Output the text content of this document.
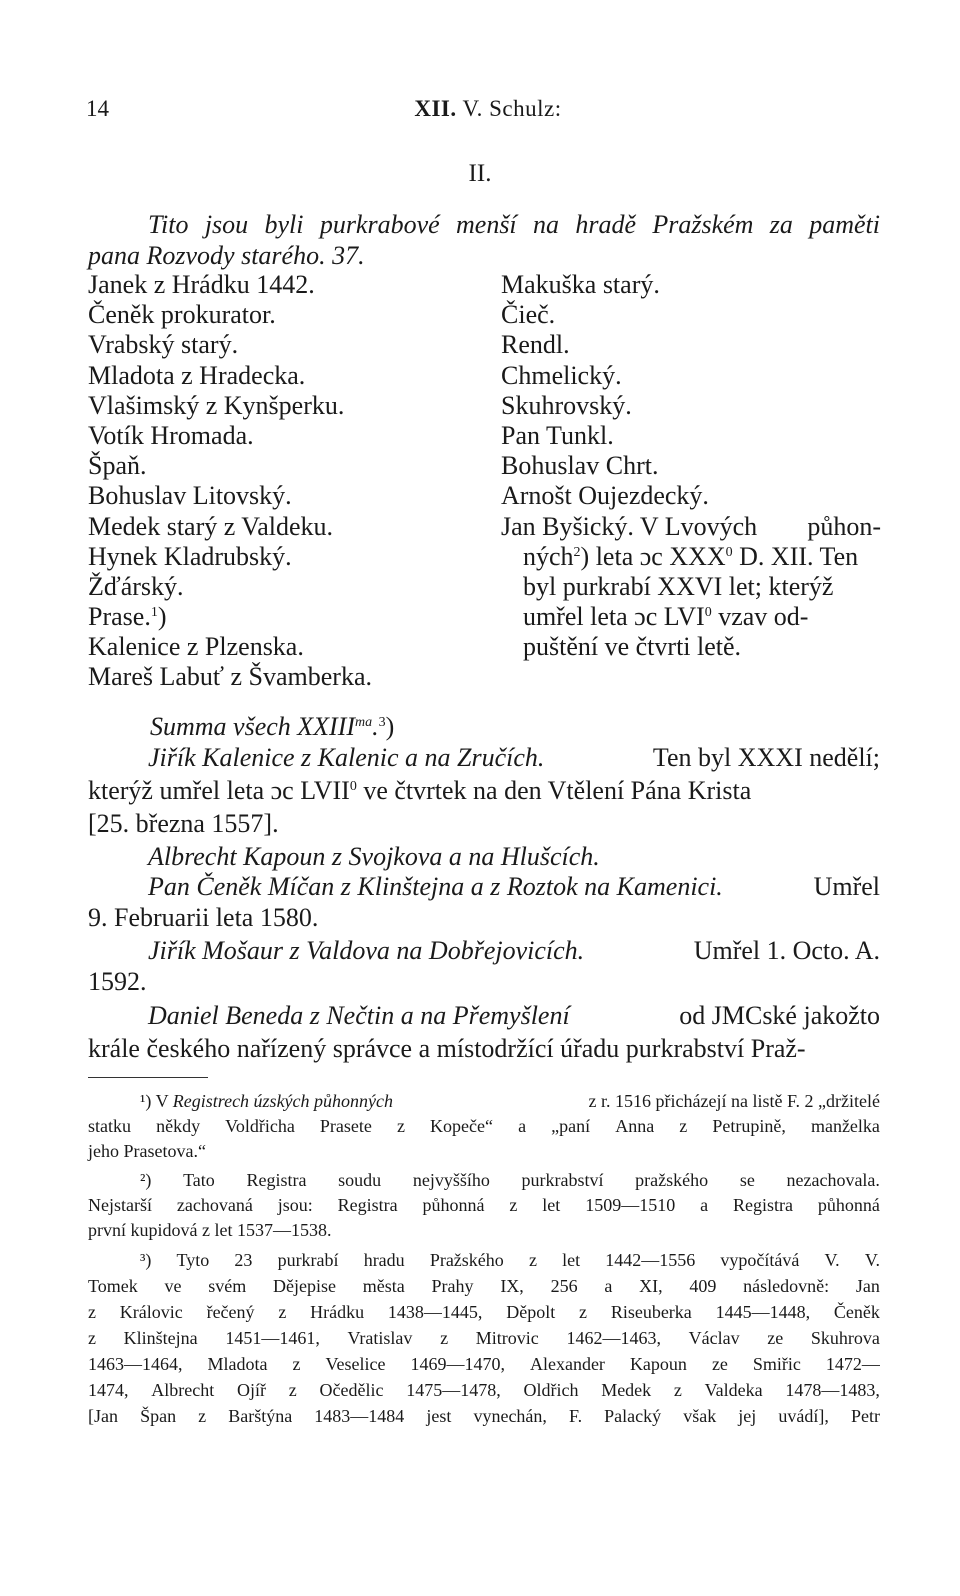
14	XII. V. Schulz:
II.
Tito jsou byli purkrabové menší na hradě Pražském za paměti
pana Rozvody starého. 37.
Janek z Hrádku 1442.
Čeněk prokurator.
Vrabský starý.
Mladota z Hradecka.
Vlašimský z Kynšperku.
Votík Hromada.
Špaň.
Bohuslav Litovský.
Medek starý z Valdeku.
Hynek Kladrubský.
Žďárský.
Prase.$^1$)
Kalenice z Plzenska.
Mareš Labuť z Švamberka.
Makuška starý.
Čieč.
Rendl.
Chmelický.
Skuhrovský.
Pan Tunkl.
Bohuslav Chrt.
Arnošt Oujezdecký.
Jan Byšický. V Lvových půhon-
ných$^2$) leta ɔc XXX$^0$ D. XII. Ten
byl purkrabí XXVI let; kterýž
umřel leta ɔc LVI$^0$ vzav od-
puštění ve čtvrti letě.
Summa všech $XXIII^{ma}.^3$)
Jiřík Kalenice z Kalenic a na Zručích.	Ten byl XXXI nedělí;
kterýž umřel leta ɔc LVII$^0$ ve čtvrtek na den Vtělení Pána Krista
[25. března 1557].
Albrecht Kapoun z Svojkova a na Hlušcích.
Pan Čeněk Míčan z Klinštejna a z Roztok na Kamenici.	Umřel
9. Februarii leta 1580.
Jiřík Mošaur z Valdova na Dobřejovicích.	Umřel 1. Octo. A.
1592.
Daniel Beneda z Nečtin a na Přemyšlení	od JMCské jakožto
krále českého nařízený správce a místodržící úřadu purkrabství Praž-
¹) V Registrech úzských půhonných	z r. 1516 přicházejí na listě F. 2 „držitelé
statku někdy Voldřicha Prasete z Kopeče“ a „paní Anna z Petrupině, manželka
jeho Prasetova.“
²) Tato Registra soudu nejvyššího purkrabství pražského se nezachovala.
Nejstarší zachovaná jsou: Registra půhonná z let 1509—1510 a Registra půhonná
první kupidová z let 1537—1538.
³) Tyto 23 purkrabí hradu Pražského z let 1442—1556 vypočítává V. V.
Tomek ve svém Dějepise města Prahy IX, 256 a XI, 409 následovně: Jan
z Královic řečený z Hrádku 1438—1445, Děpolt z Riseuberka 1445—1448, Čeněk
z Klinštejna 1451—1461, Vratislav z Mitrovic 1462—1463, Václav ze Skuhrova
1463—1464, Mladota z Veselice 1469—1470, Alexander Kapoun ze Smiřic 1472—
1474, Albrecht Ojíř z Očedělic 1475—1478, Oldřich Medek z Valdeka 1478—1483,
[Jan Špan z Barštýna 1483—1484 jest vynechán, F. Palacký však jej uvádí], Petr
